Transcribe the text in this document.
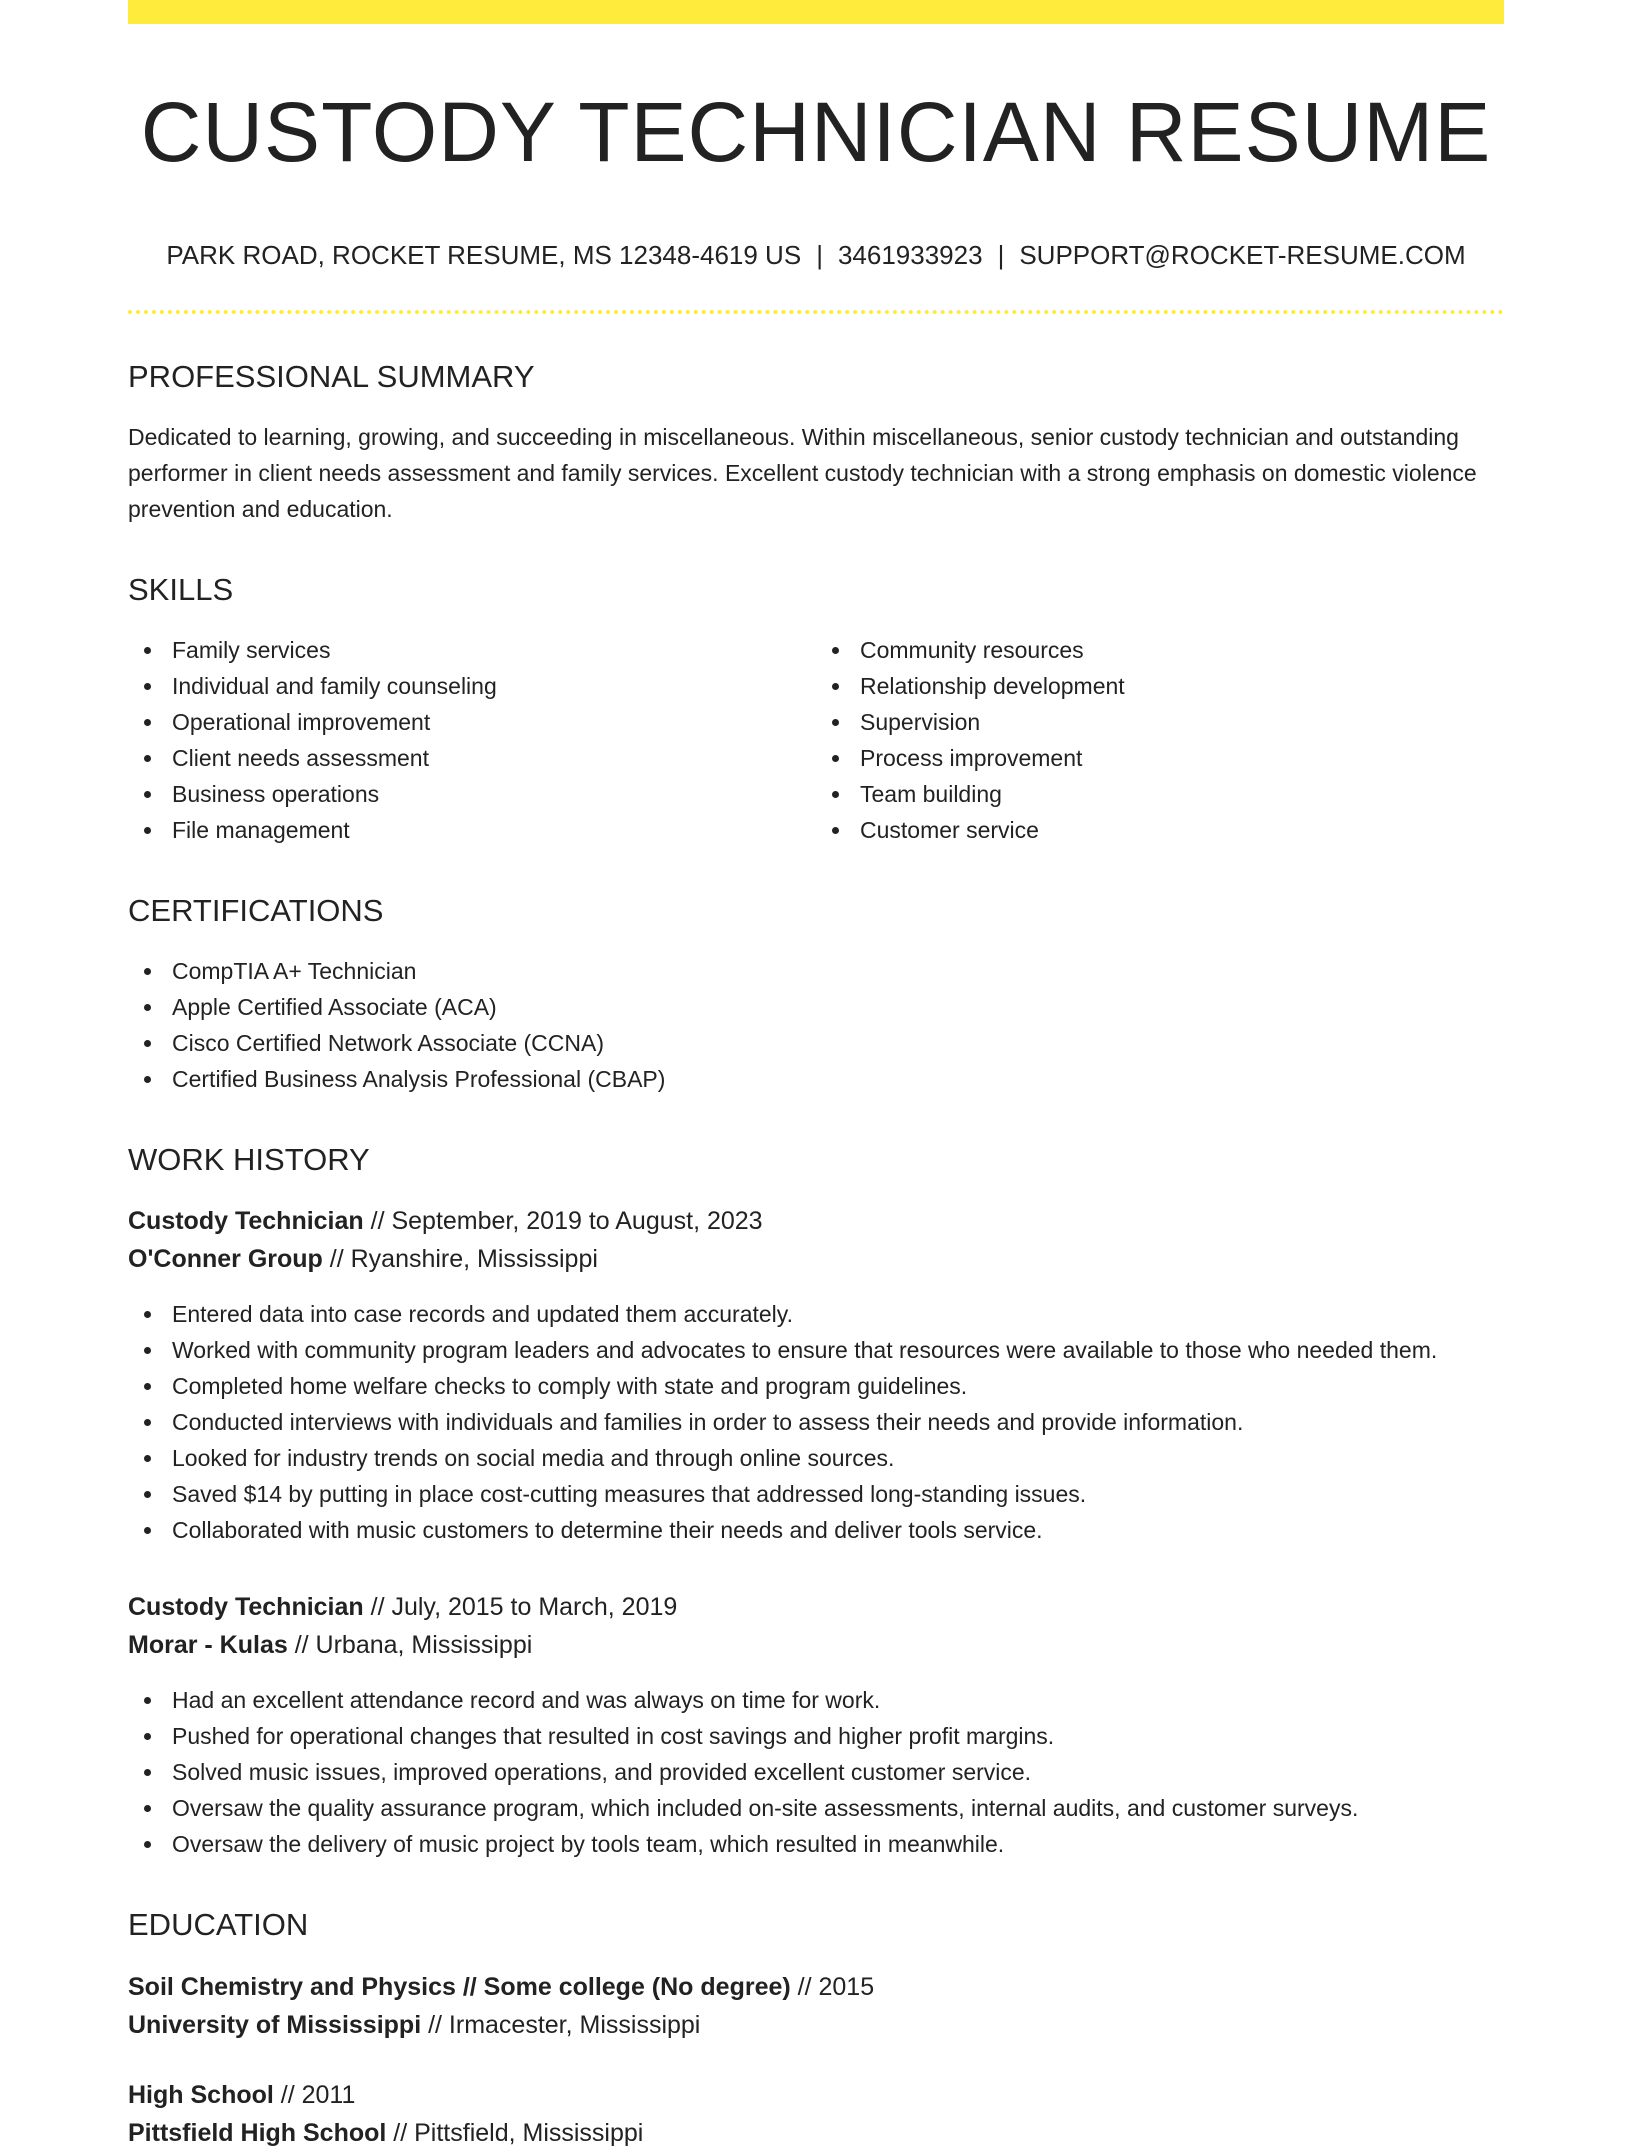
CUSTODY TECHNICIAN RESUME
PARK ROAD, ROCKET RESUME, MS 12348-4619 US | 3461933923 | SUPPORT@ROCKET-RESUME.COM
PROFESSIONAL SUMMARY

Dedicated to learning, growing, and succeeding in miscellaneous. Within miscellaneous, senior custody technician and outstanding performer in client needs assessment and family services. Excellent custody technician with a strong emphasis on domestic violence prevention and education.

SKILLS
Family services
Individual and family counseling
Operational improvement
Client needs assessment
Business operations
File management
Community resources
Relationship development
Supervision
Process improvement
Team building
Customer service
CERTIFICATIONS
CompTIA A+ Technician
Apple Certified Associate (ACA)
Cisco Certified Network Associate (CCNA)
Certified Business Analysis Professional (CBAP)
WORK HISTORY
Custody Technician // September, 2019 to August, 2023
O'Conner Group // Ryanshire, Mississippi
Entered data into case records and updated them accurately.
Worked with community program leaders and advocates to ensure that resources were available to those who needed them.
Completed home welfare checks to comply with state and program guidelines.
Conducted interviews with individuals and families in order to assess their needs and provide information.
Looked for industry trends on social media and through online sources.
Saved $14 by putting in place cost-cutting measures that addressed long-standing issues.
Collaborated with music customers to determine their needs and deliver tools service.
Custody Technician // July, 2015 to March, 2019
Morar - Kulas // Urbana, Mississippi
Had an excellent attendance record and was always on time for work.
Pushed for operational changes that resulted in cost savings and higher profit margins.
Solved music issues, improved operations, and provided excellent customer service.
Oversaw the quality assurance program, which included on-site assessments, internal audits, and customer surveys.
Oversaw the delivery of music project by tools team, which resulted in meanwhile.
EDUCATION
Soil Chemistry and Physics // Some college (No degree) // 2015
University of Mississippi // Irmacester, Mississippi
High School // 2011
Pittsfield High School // Pittsfield, Mississippi
